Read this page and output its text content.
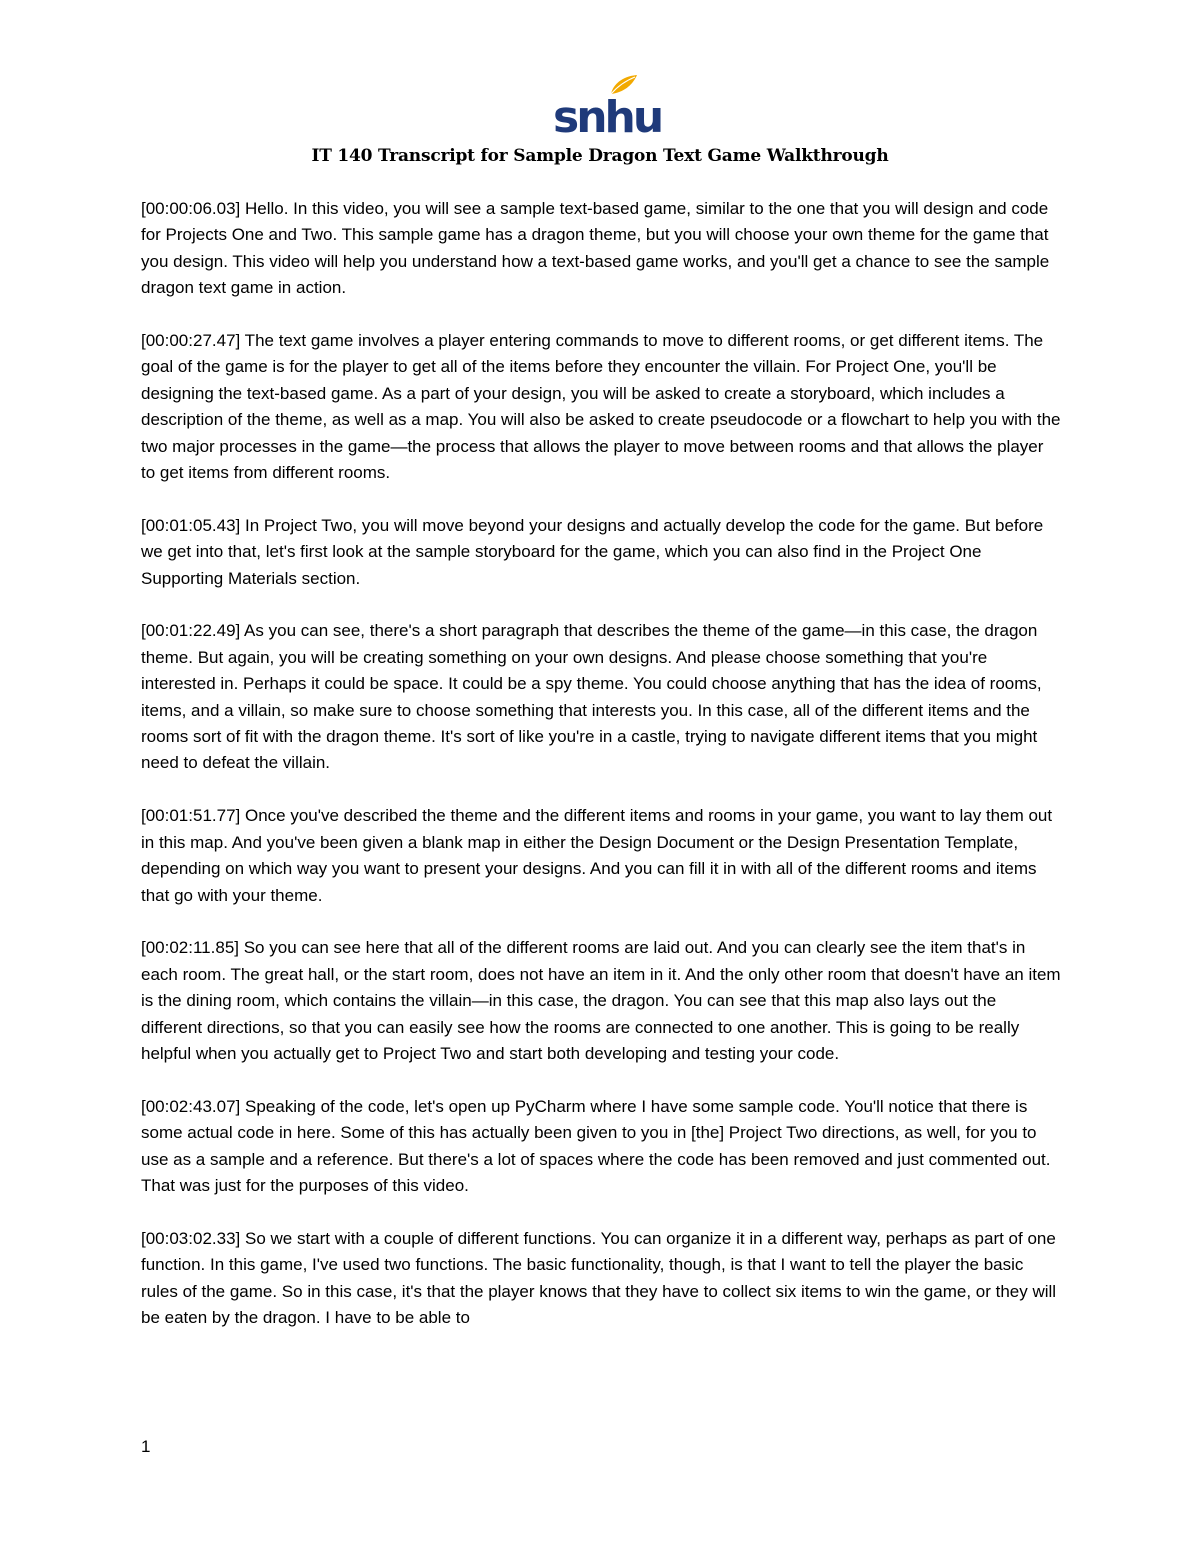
snhu
IT 140 Transcript for Sample Dragon Text Game Walkthrough

[00:00:06.03] Hello. In this video, you will see a sample text-based game, similar to the one that you will design and code for Projects One and Two. This sample game has a dragon theme, but you will choose your own theme for the game that you design. This video will help you understand how a text-based game works, and you'll get a chance to see the sample dragon text game in action.

[00:00:27.47] The text game involves a player entering commands to move to different rooms, or get different items. The goal of the game is for the player to get all of the items before they encounter the villain. For Project One, you'll be designing the text-based game. As a part of your design, you will be asked to create a storyboard, which includes a description of the theme, as well as a map. You will also be asked to create pseudocode or a flowchart to help you with the two major processes in the game—the process that allows the player to move between rooms and that allows the player to get items from different rooms.

[00:01:05.43] In Project Two, you will move beyond your designs and actually develop the code for the game. But before we get into that, let's first look at the sample storyboard for the game, which you can also find in the Project One Supporting Materials section.

[00:01:22.49] As you can see, there's a short paragraph that describes the theme of the game—in this case, the dragon theme. But again, you will be creating something on your own designs. And please choose something that you're interested in. Perhaps it could be space. It could be a spy theme. You could choose anything that has the idea of rooms, items, and a villain, so make sure to choose something that interests you. In this case, all of the different items and the rooms sort of fit with the dragon theme. It's sort of like you're in a castle, trying to navigate different items that you might need to defeat the villain.

[00:01:51.77] Once you've described the theme and the different items and rooms in your game, you want to lay them out in this map. And you've been given a blank map in either the Design Document or the Design Presentation Template, depending on which way you want to present your designs. And you can fill it in with all of the different rooms and items that go with your theme.

[00:02:11.85] So you can see here that all of the different rooms are laid out. And you can clearly see the item that's in each room. The great hall, or the start room, does not have an item in it. And the only other room that doesn't have an item is the dining room, which contains the villain—in this case, the dragon. You can see that this map also lays out the different directions, so that you can easily see how the rooms are connected to one another. This is going to be really helpful when you actually get to Project Two and start both developing and testing your code.

[00:02:43.07] Speaking of the code, let's open up PyCharm where I have some sample code. You'll notice that there is some actual code in here. Some of this has actually been given to you in [the] Project Two directions, as well, for you to use as a sample and a reference. But there's a lot of spaces where the code has been removed and just commented out. That was just for the purposes of this video.

[00:03:02.33] So we start with a couple of different functions. You can organize it in a different way, perhaps as part of one function. In this game, I've used two functions. The basic functionality, though, is that I want to tell the player the basic rules of the game. So in this case, it's that the player knows that they have to collect six items to win the game, or they will be eaten by the dragon. I have to be able to

1
